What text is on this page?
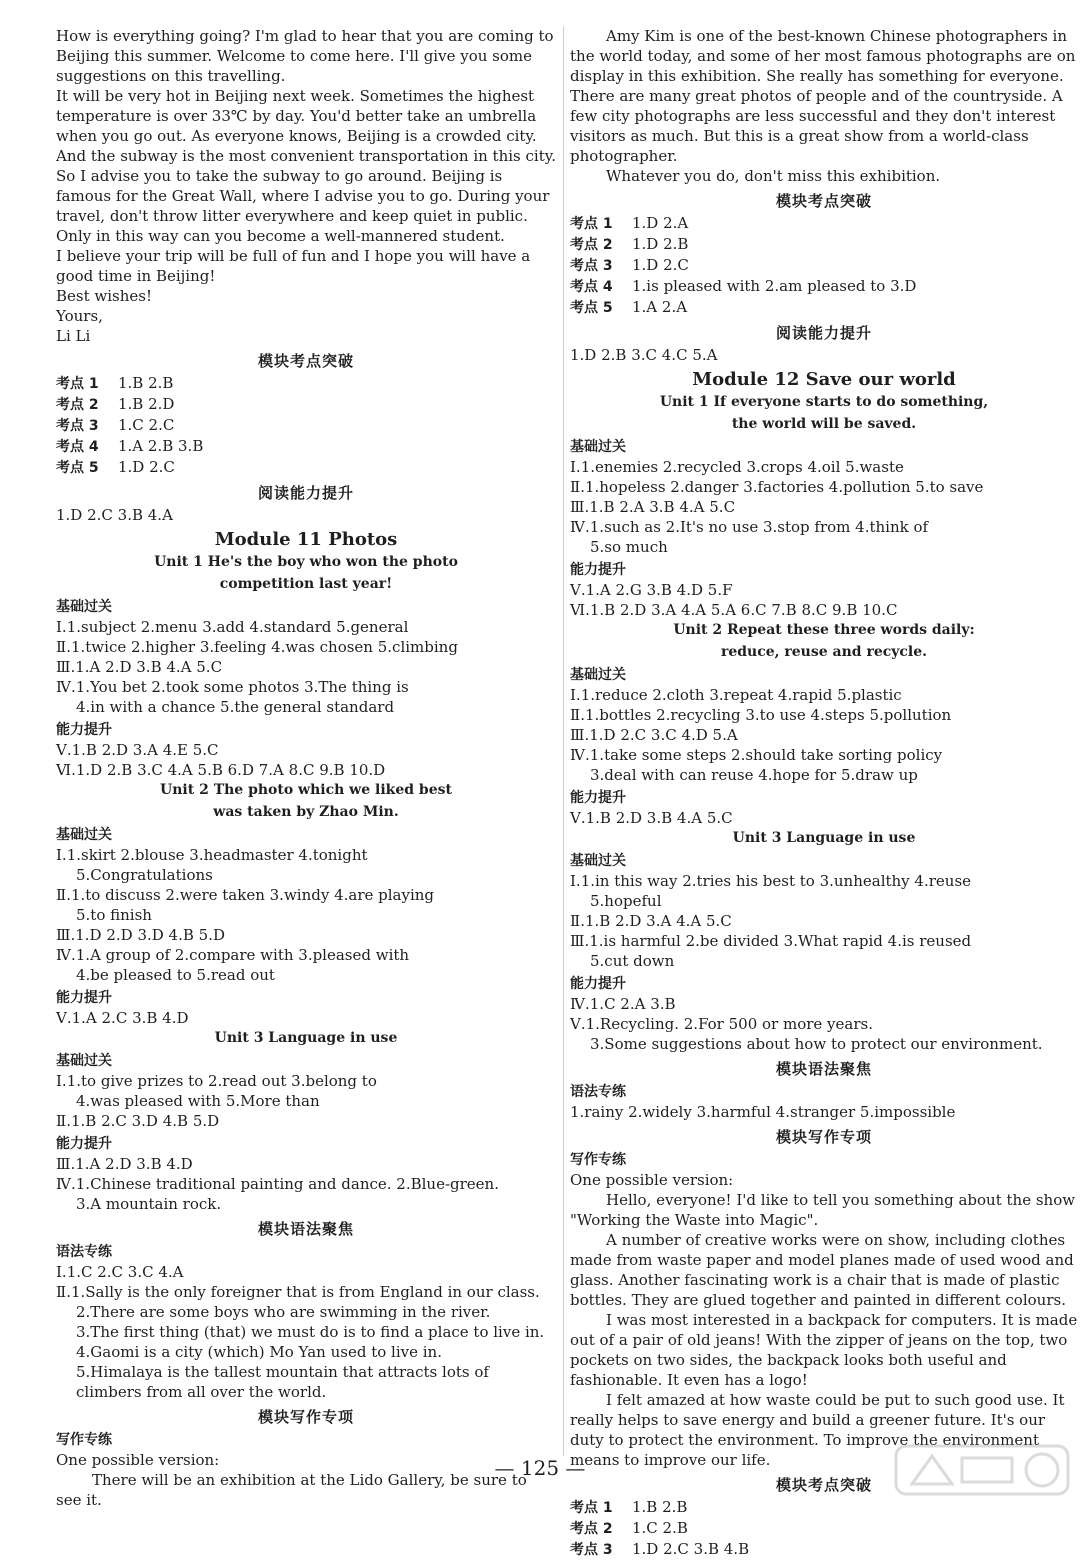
How is everything going? I'm glad to hear that you are coming to Beijing this summer. Welcome to come here. I'll give you some suggestions on this travelling.

It will be very hot in Beijing next week. Sometimes the highest temperature is over 33℃ by day. You'd better take an umbrella when you go out. As everyone knows, Beijing is a crowded city. And the subway is the most convenient transportation in this city. So I advise you to take the subway to go around. Beijing is famous for the Great Wall, where I advise you to go. During your travel, don't throw litter everywhere and keep quiet in public. Only in this way can you become a well-mannered student.

I believe your trip will be full of fun and I hope you will have a good time in Beijing!

Best wishes!

Yours,

Li Li

模块考点突破

考点 1 1.B 2.B

考点 2 1.B 2.D

考点 3 1.C 2.C

考点 4 1.A 2.B 3.B

考点 5 1.D 2.C

阅读能力提升

1.D 2.C 3.B 4.A

Module 11 Photos
Unit 1 He's the boy who won the photo
competition last year!
基础过关

Ⅰ.1.subject 2.menu 3.add 4.standard 5.general

Ⅱ.1.twice 2.higher 3.feeling 4.was chosen 5.climbing

Ⅲ.1.A 2.D 3.B 4.A 5.C

Ⅳ.1.You bet 2.took some photos 3.The thing is

4.in with a chance 5.the general standard

能力提升

Ⅴ.1.B 2.D 3.A 4.E 5.C

Ⅵ.1.D 2.B 3.C 4.A 5.B 6.D 7.A 8.C 9.B 10.D

Unit 2 The photo which we liked best
was taken by Zhao Min.
基础过关

Ⅰ.1.skirt 2.blouse 3.headmaster 4.tonight

5.Congratulations

Ⅱ.1.to discuss 2.were taken 3.windy 4.are playing

5.to finish

Ⅲ.1.D 2.D 3.D 4.B 5.D

Ⅳ.1.A group of 2.compare with 3.pleased with

4.be pleased to 5.read out

能力提升

Ⅴ.1.A 2.C 3.B 4.D

Unit 3 Language in use
基础过关

Ⅰ.1.to give prizes to 2.read out 3.belong to

4.was pleased with 5.More than

Ⅱ.1.B 2.C 3.D 4.B 5.D

能力提升

Ⅲ.1.A 2.D 3.B 4.D

Ⅳ.1.Chinese traditional painting and dance. 2.Blue-green.

3.A mountain rock.

模块语法聚焦
语法专练

Ⅰ.1.C 2.C 3.C 4.A

Ⅱ.1.Sally is the only foreigner that is from England in our class.

2.There are some boys who are swimming in the river.

3.The first thing (that) we must do is to find a place to live in.

4.Gaomi is a city (which) Mo Yan used to live in.

5.Himalaya is the tallest mountain that attracts lots of climbers from all over the world.

模块写作专项
写作专练

One possible version:

There will be an exhibition at the Lido Gallery, be sure to see it.

Amy Kim is one of the best-known Chinese photographers in the world today, and some of her most famous photographs are on display in this exhibition. She really has something for everyone. There are many great photos of people and of the countryside. A few city photographs are less successful and they don't interest visitors as much. But this is a great show from a world-class photographer.

Whatever you do, don't miss this exhibition.

模块考点突破

考点 1 1.D 2.A

考点 2 1.D 2.B

考点 3 1.D 2.C

考点 4 1.is pleased with 2.am pleased to 3.D

考点 5 1.A 2.A

阅读能力提升

1.D 2.B 3.C 4.C 5.A

Module 12 Save our world
Unit 1 If everyone starts to do something,
the world will be saved.
基础过关

Ⅰ.1.enemies 2.recycled 3.crops 4.oil 5.waste

Ⅱ.1.hopeless 2.danger 3.factories 4.pollution 5.to save

Ⅲ.1.B 2.A 3.B 4.A 5.C

Ⅳ.1.such as 2.It's no use 3.stop from 4.think of

5.so much

能力提升

Ⅴ.1.A 2.G 3.B 4.D 5.F

Ⅵ.1.B 2.D 3.A 4.A 5.A 6.C 7.B 8.C 9.B 10.C

Unit 2 Repeat these three words daily:
reduce, reuse and recycle.
基础过关

Ⅰ.1.reduce 2.cloth 3.repeat 4.rapid 5.plastic

Ⅱ.1.bottles 2.recycling 3.to use 4.steps 5.pollution

Ⅲ.1.D 2.C 3.C 4.D 5.A

Ⅳ.1.take some steps 2.should take sorting policy

3.deal with can reuse 4.hope for 5.draw up

能力提升

Ⅴ.1.B 2.D 3.B 4.A 5.C

Unit 3 Language in use
基础过关

Ⅰ.1.in this way 2.tries his best to 3.unhealthy 4.reuse

5.hopeful

Ⅱ.1.B 2.D 3.A 4.A 5.C

Ⅲ.1.is harmful 2.be divided 3.What rapid 4.is reused

5.cut down

能力提升

Ⅳ.1.C 2.A 3.B

Ⅴ.1.Recycling. 2.For 500 or more years.

3.Some suggestions about how to protect our environment.

模块语法聚焦
语法专练

1.rainy 2.widely 3.harmful 4.stranger 5.impossible

模块写作专项
写作专练

One possible version:

Hello, everyone! I'd like to tell you something about the show "Working the Waste into Magic".

A number of creative works were on show, including clothes made from waste paper and model planes made of used wood and glass. Another fascinating work is a chair that is made of plastic bottles. They are glued together and painted in different colours.

I was most interested in a backpack for computers. It is made out of a pair of old jeans! With the zipper of jeans on the top, two pockets on two sides, the backpack looks both useful and fashionable. It even has a logo!

I felt amazed at how waste could be put to such good use. It really helps to save energy and build a greener future. It's our duty to protect the environment. To improve the environment means to improve our life.

模块考点突破

考点 1 1.B 2.B

考点 2 1.C 2.B

考点 3 1.D 2.C 3.B 4.B

— 125 —
